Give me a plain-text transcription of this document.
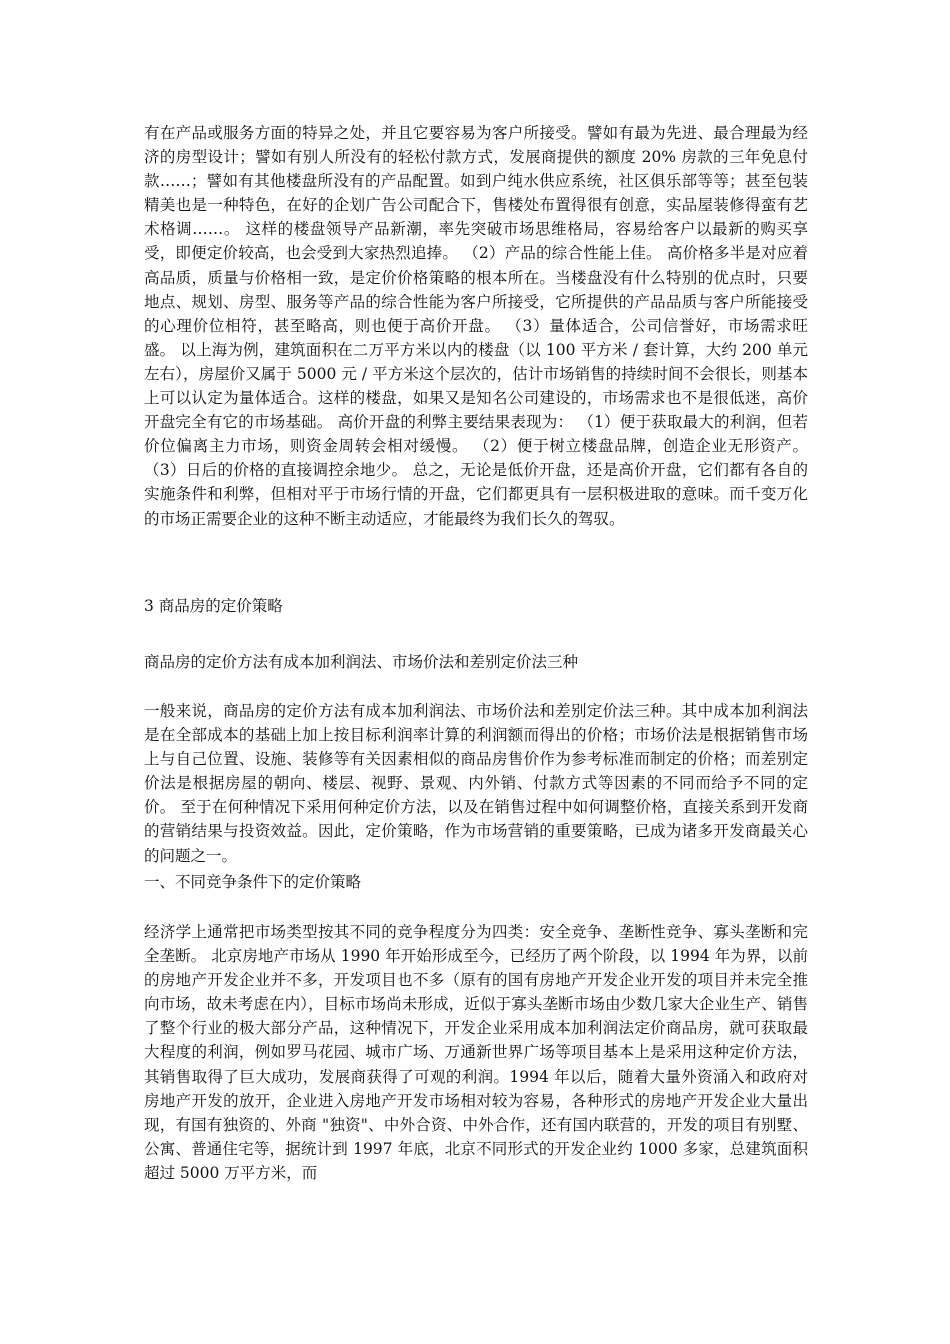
有在产品或服务方面的特异之处，并且它要容易为客户所接受。譬如有最为先进、最合理最为经济的房型设计；譬如有别人所没有的轻松付款方式，发展商提供的额度 20% 房款的三年免息付款……；譬如有其他楼盘所没有的产品配置。如到户纯水供应系统，社区俱乐部等等；甚至包装精美也是一种特色，在好的企划广告公司配合下，售楼处布置得很有创意，实品屋装修得蛮有艺术格调……。 这样的楼盘领导产品新潮，率先突破市场思维格局，容易给客户以最新的购买享受，即便定价较高，也会受到大家热烈追捧。 （2）产品的综合性能上佳。 高价格多半是对应着高品质，质量与价格相一致，是定价价格策略的根本所在。当楼盘没有什么特别的优点时，只要地点、规划、房型、服务等产品的综合性能为客户所接受，它所提供的产品品质与客户所能接受的心理价位相符，甚至略高，则也便于高价开盘。 （3）量体适合，公司信誉好，市场需求旺盛。 以上海为例，建筑面积在二万平方米以内的楼盘（以 100 平方米 / 套计算，大约 200 单元左右），房屋价又属于 5000 元 / 平方米这个层次的，估计市场销售的持续时间不会很长，则基本上可以认定为量体适合。这样的楼盘，如果又是知名公司建设的，市场需求也不是很低迷，高价开盘完全有它的市场基础。 高价开盘的利弊主要结果表现为： （1）便于获取最大的利润，但若价位偏离主力市场，则资金周转会相对缓慢。 （2）便于树立楼盘品牌，创造企业无形资产。 （3）日后的价格的直接调控余地少。 总之，无论是低价开盘，还是高价开盘，它们都有各自的实施条件和利弊，但相对平于市场行情的开盘，它们都更具有一层积极进取的意味。而千变万化的市场正需要企业的这种不断主动适应，才能最终为我们长久的驾驭。

3 商品房的定价策略

商品房的定价方法有成本加利润法、市场价法和差别定价法三种

一般来说，商品房的定价方法有成本加利润法、市场价法和差别定价法三种。其中成本加利润法是在全部成本的基础上加上按目标利润率计算的利润额而得出的价格；市场价法是根据销售市场上与自己位置、设施、装修等有关因素相似的商品房售价作为参考标准而制定的价格；而差别定价法是根据房屋的朝向、楼层、视野、景观、内外销、付款方式等因素的不同而给予不同的定价。 至于在何种情况下采用何种定价方法，以及在销售过程中如何调整价格，直接关系到开发商的营销结果与投资效益。因此，定价策略，作为市场营销的重要策略，已成为诸多开发商最关心的问题之一。

一、不同竞争条件下的定价策略

经济学上通常把市场类型按其不同的竞争程度分为四类：安全竞争、垄断性竞争、寡头垄断和完全垄断。 北京房地产市场从 1990 年开始形成至今，已经历了两个阶段，以 1994 年为界，以前的房地产开发企业并不多，开发项目也不多（原有的国有房地产开发企业开发的项目并未完全推向市场，故未考虑在内），目标市场尚未形成，近似于寡头垄断市场由少数几家大企业生产、销售了整个行业的极大部分产品，这种情况下，开发企业采用成本加利润法定价商品房，就可获取最大程度的利润，例如罗马花园、城市广场、万通新世界广场等项目基本上是采用这种定价方法，其销售取得了巨大成功，发展商获得了可观的利润。1994 年以后，随着大量外资涌入和政府对房地产开发的放开，企业进入房地产开发市场相对较为容易，各种形式的房地产开发企业大量出现，有国有独资的、外商 "独资"、中外合资、中外合作，还有国内联营的，开发的项目有别墅、公寓、普通住宅等，据统计到 1997 年底，北京不同形式的开发企业约 1000 多家，总建筑面积超过 5000 万平方米，而
